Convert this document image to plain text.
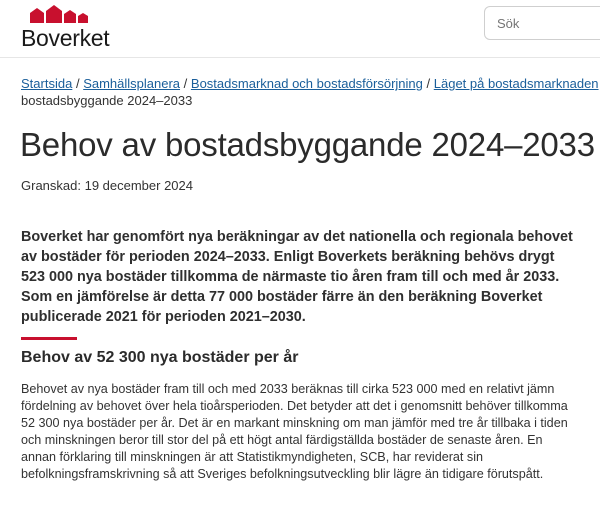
Boverket
Sök
Startsida / Samhällsplanera / Bostadsmarknad och bostadsförsörjning / Läget på bostadsmarknaden
bostadsbyggande 2024–2033
Behov av bostadsbyggande 2024–2033
Granskad: 19 december 2024

Boverket har genomfört nya beräkningar av det nationella och regionala behovet av bostäder för perioden 2024–2033. Enligt Boverkets beräkning behövs drygt 523 000 nya bostäder tillkomma de närmaste tio åren fram till och med år 2033. Som en jämförelse är detta 77 000 bostäder färre än den beräkning Boverket publicerade 2021 för perioden 2021–2030.

Behov av 52 300 nya bostäder per år

Behovet av nya bostäder fram till och med 2033 beräknas till cirka 523 000 med en relativt jämn fördelning av behovet över hela tioårsperioden. Det betyder att det i genomsnitt behöver tillkomma 52 300 nya bostäder per år. Det är en markant minskning om man jämför med tre år tillbaka i tiden och minskningen beror till stor del på ett högt antal färdigställda bostäder de senaste åren. En annan förklaring till minskningen är att Statistikmyndigheten, SCB, har reviderat sin befolkningsframskrivning så att Sveriges befolkningsutveckling blir lägre än tidigare förutspått.
